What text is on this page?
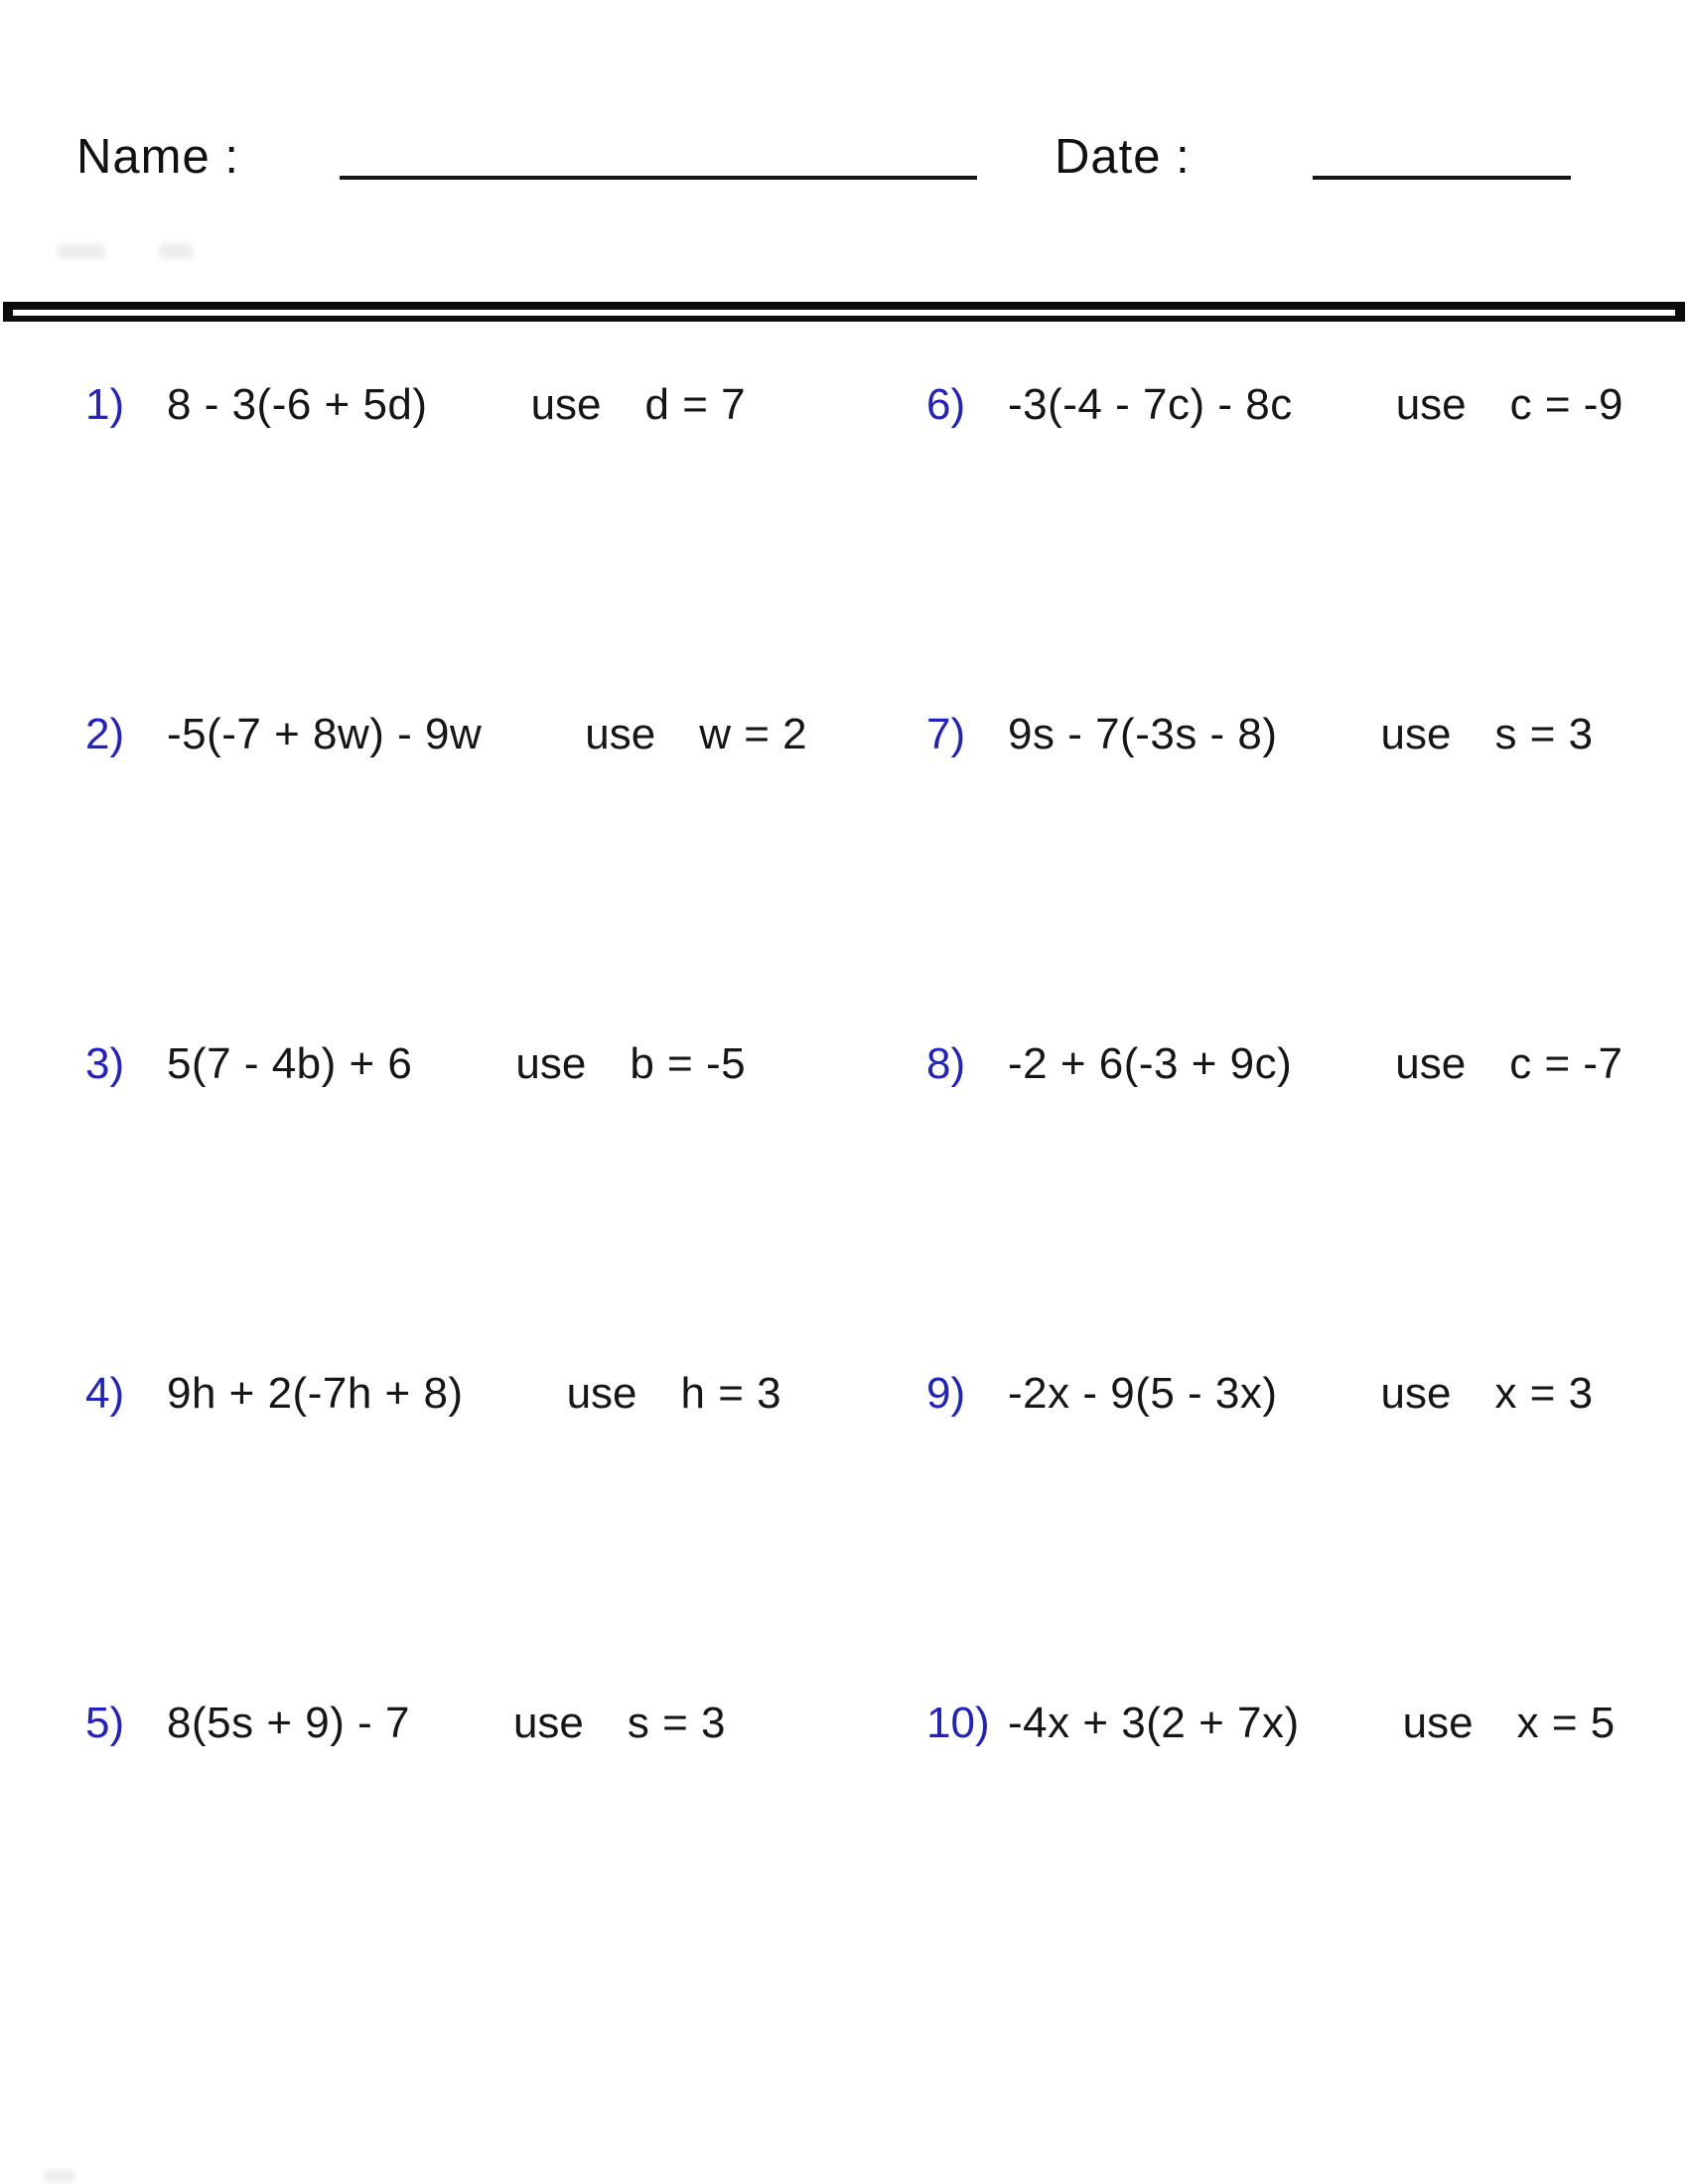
Name :	Date :
1) 8 - 3(-6 + 5d) use d = 7
2) -5(-7 + 8w) - 9w use w = 2
3) 5(7 - 4b) + 6 use b = -5
4) 9h + 2(-7h + 8) use h = 3
5) 8(5s + 9) - 7 use s = 3
6) -3(-4 - 7c) - 8c use c = -9
7) 9s - 7(-3s - 8) use s = 3
8) -2 + 6(-3 + 9c) use c = -7
9) -2x - 9(5 - 3x) use x = 3
10) -4x + 3(2 + 7x) use x = 5
